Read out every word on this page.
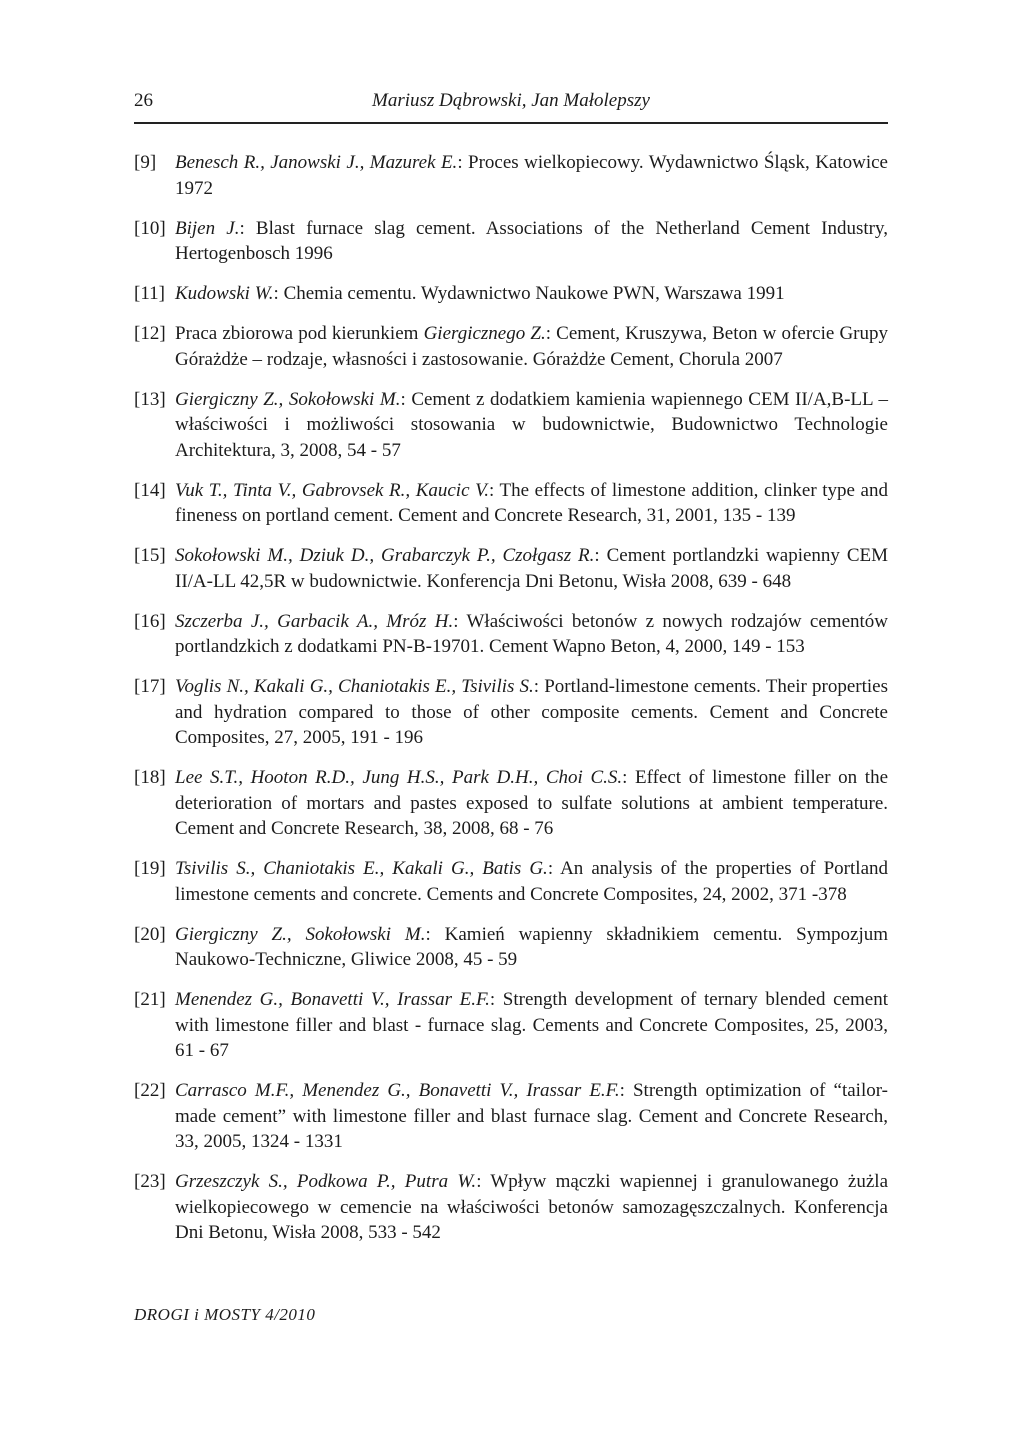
26	Mariusz Dąbrowski, Jan Małolepszy
[9] Benesch R., Janowski J., Mazurek E.: Proces wielkopiecowy. Wydawnictwo Śląsk, Katowice 1972
[10] Bijen J.: Blast furnace slag cement. Associations of the Netherland Cement Industry, Hertogenbosch 1996
[11] Kudowski W.: Chemia cementu. Wydawnictwo Naukowe PWN, Warszawa 1991
[12] Praca zbiorowa pod kierunkiem Giergicznego Z.: Cement, Kruszywa, Beton w ofercie Grupy Górażdże – rodzaje, własności i zastosowanie. Górażdże Cement, Chorula 2007
[13] Giergiczny Z., Sokołowski M.: Cement z dodatkiem kamienia wapiennego CEM II/A,B-LL – właściwości i możliwości stosowania w budownictwie, Budownictwo Technologie Architektura, 3, 2008, 54 - 57
[14] Vuk T., Tinta V., Gabrovsek R., Kaucic V.: The effects of limestone addition, clinker type and fineness on portland cement. Cement and Concrete Research, 31, 2001, 135 - 139
[15] Sokołowski M., Dziuk D., Grabarczyk P., Czołgasz R.: Cement portlandzki wapienny CEM II/A-LL 42,5R w budownictwie. Konferencja Dni Betonu, Wisła 2008, 639 - 648
[16] Szczerba J., Garbacik A., Mróz H.: Właściwości betonów z nowych rodzajów cementów portlandzkich z dodatkami PN-B-19701. Cement Wapno Beton, 4, 2000, 149 - 153
[17] Voglis N., Kakali G., Chaniotakis E., Tsivilis S.: Portland-limestone cements. Their properties and hydration compared to those of other composite cements. Cement and Concrete Composites, 27, 2005, 191 - 196
[18] Lee S.T., Hooton R.D., Jung H.S., Park D.H., Choi C.S.: Effect of limestone filler on the deterioration of mortars and pastes exposed to sulfate solutions at ambient temperature. Cement and Concrete Research, 38, 2008, 68 - 76
[19] Tsivilis S., Chaniotakis E., Kakali G., Batis G.: An analysis of the properties of Portland limestone cements and concrete. Cements and Concrete Composites, 24, 2002, 371 -378
[20] Giergiczny Z., Sokołowski M.: Kamień wapienny składnikiem cementu. Sympozjum Naukowo-Techniczne, Gliwice 2008, 45 - 59
[21] Menendez G., Bonavetti V., Irassar E.F.: Strength development of ternary blended cement with limestone filler and blast - furnace slag. Cements and Concrete Composites, 25, 2003, 61 - 67
[22] Carrasco M.F., Menendez G., Bonavetti V., Irassar E.F.: Strength optimization of “tailor-made cement” with limestone filler and blast furnace slag. Cement and Concrete Research, 33, 2005, 1324 - 1331
[23] Grzeszczyk S., Podkowa P., Putra W.: Wpływ mączki wapiennej i granulowanego żużla wielkopiecowego w cemencie na właściwości betonów samozagęszczalnych. Konferencja Dni Betonu, Wisła 2008, 533 - 542
DROGI i MOSTY 4/2010
